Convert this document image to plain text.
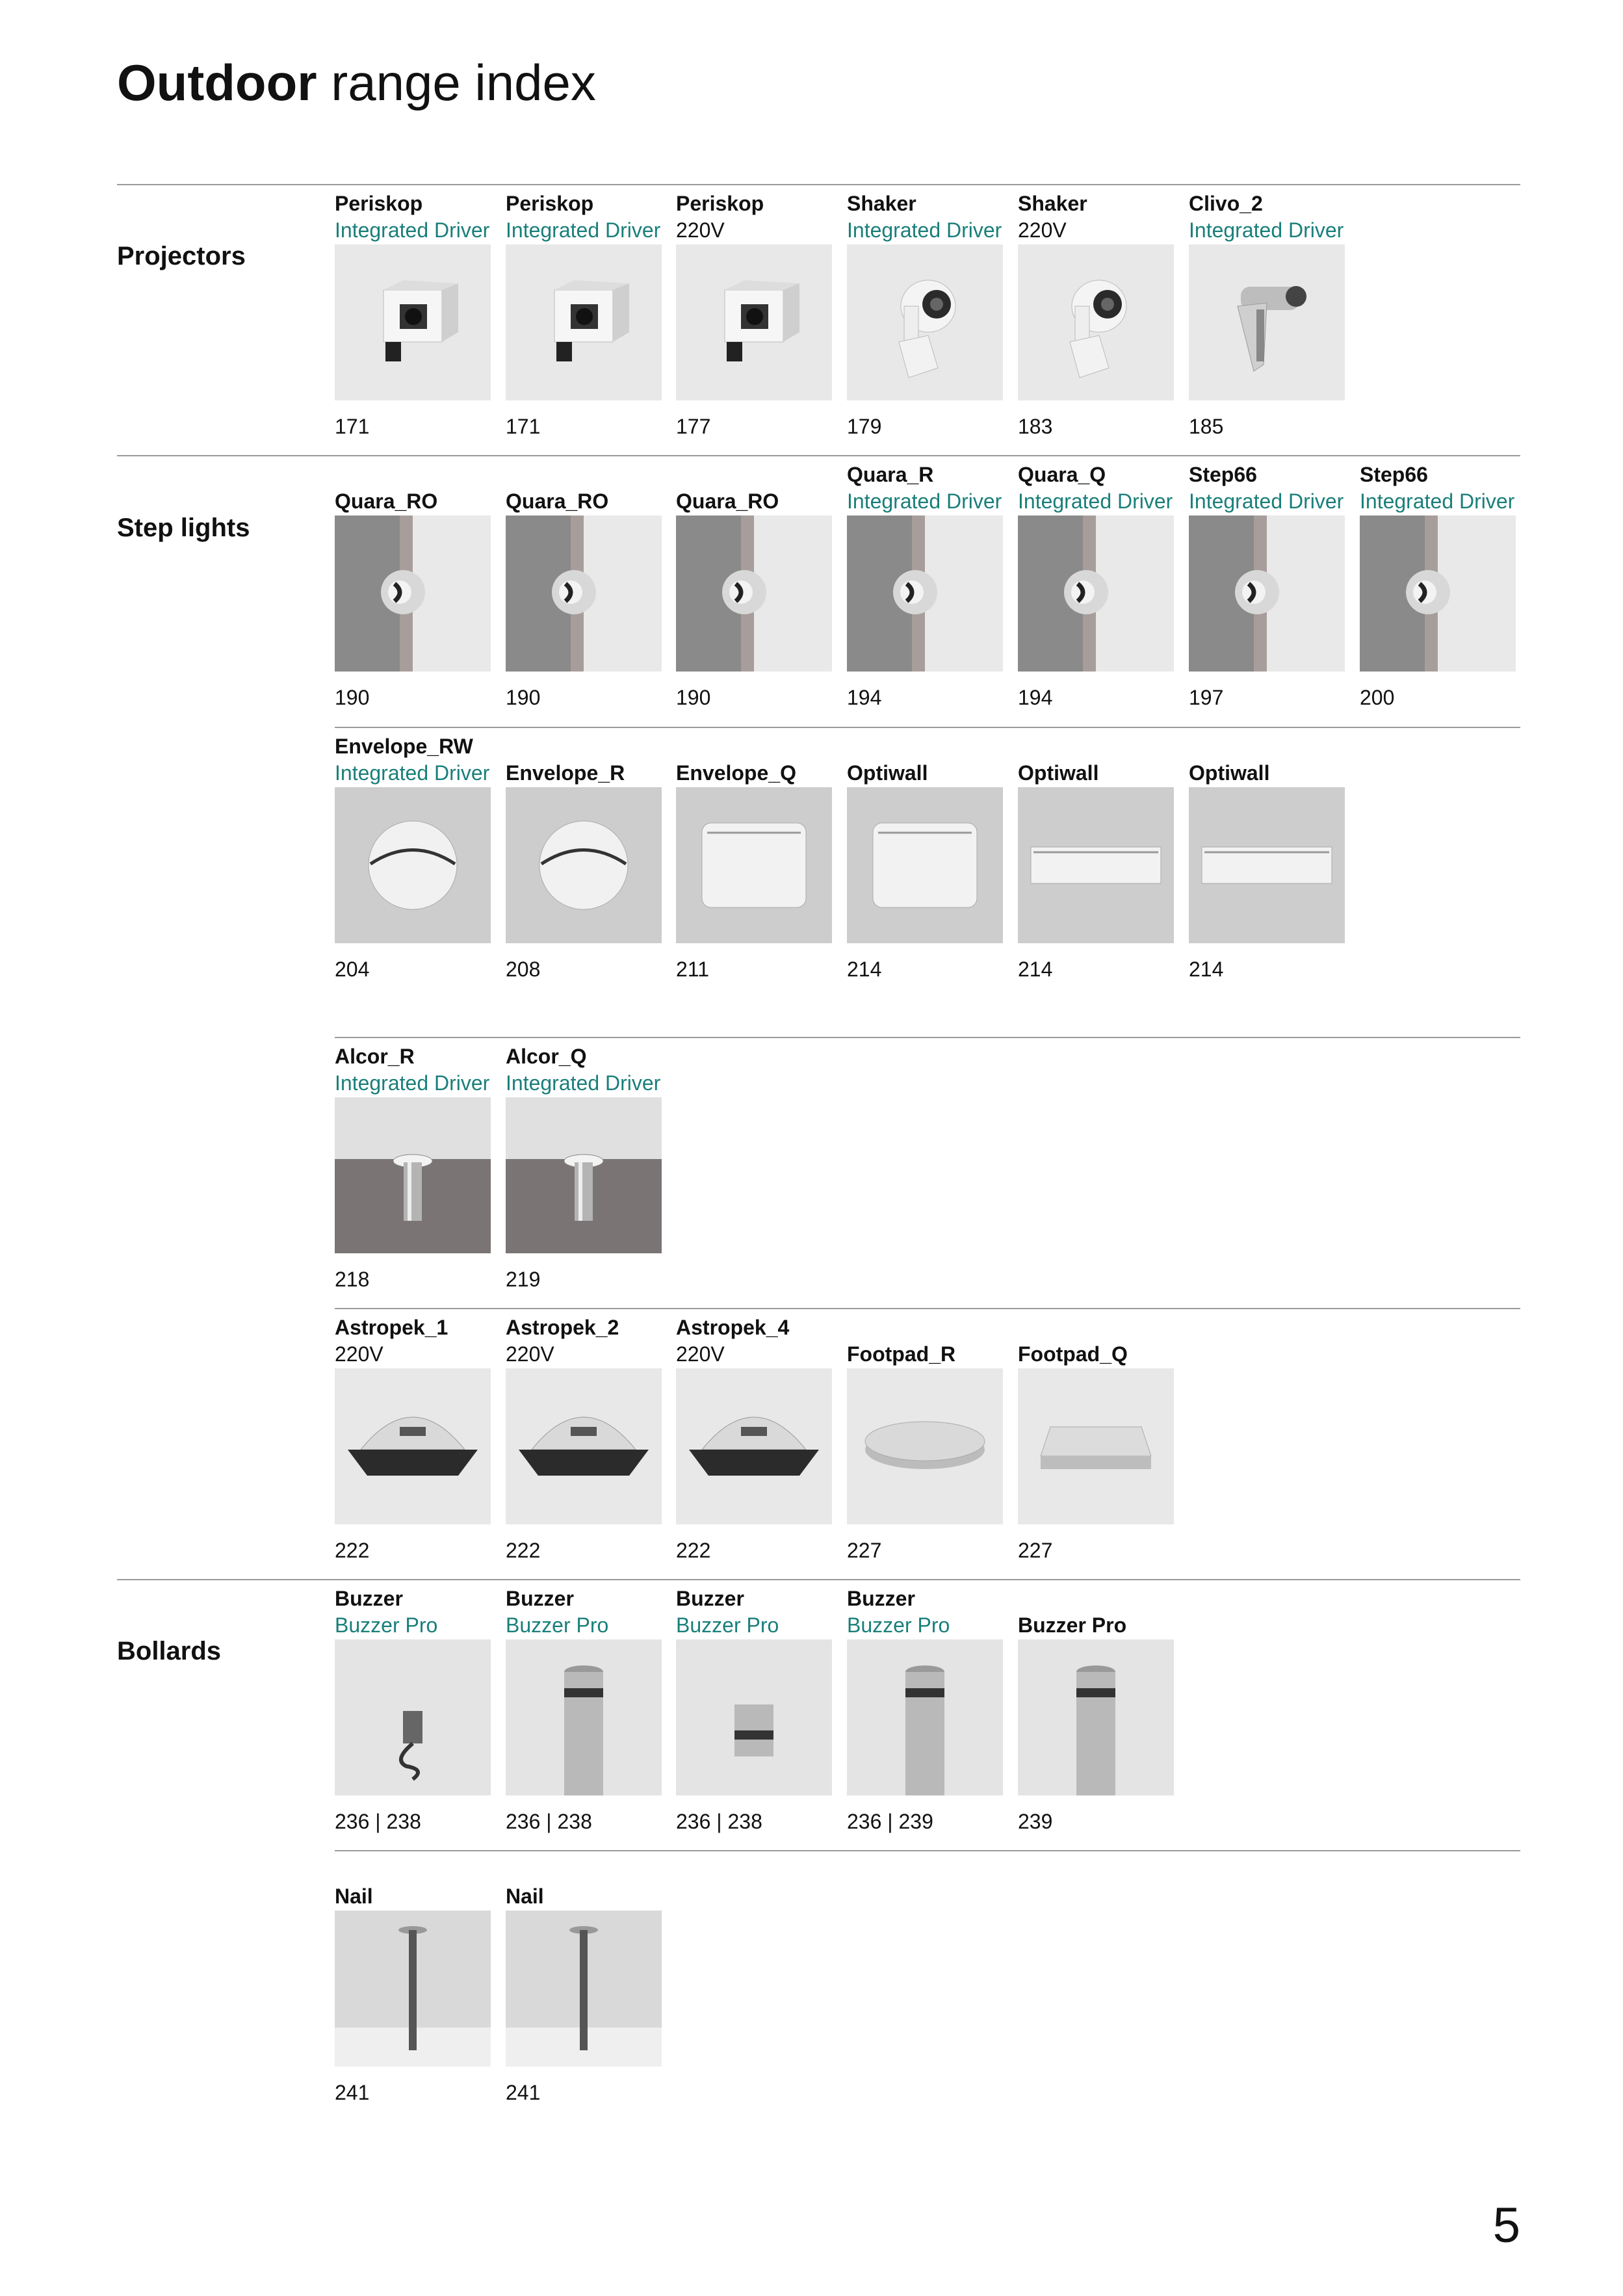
Outdoor range index
Projectors
Step lights
Bollards
Periskop
Integrated Driver
171
Periskop
Integrated Driver
171
Periskop
220V
177
Shaker
Integrated Driver
179
Shaker
220V
183
Clivo_2
Integrated Driver
185
Quara_RO
190
Quara_RO
190
Quara_RO
190
Quara_R
Integrated Driver
194
Quara_Q
Integrated Driver
194
Step66
Integrated Driver
197
Step66
Integrated Driver
200
Envelope_RW
Integrated Driver
204
Envelope_R
208
Envelope_Q
211
Optiwall
214
Optiwall
214
Optiwall
214
Alcor_R
Integrated Driver
218
Alcor_Q
Integrated Driver
219
Astropek_1
220V
222
Astropek_2
220V
222
Astropek_4
220V
222
Footpad_R
227
Footpad_Q
227
Buzzer
Buzzer Pro
236 | 238
Buzzer
Buzzer Pro
236 | 238
Buzzer
Buzzer Pro
236 | 238
Buzzer
Buzzer Pro
236 | 239
Buzzer Pro
239
Nail
241
Nail
241
5
